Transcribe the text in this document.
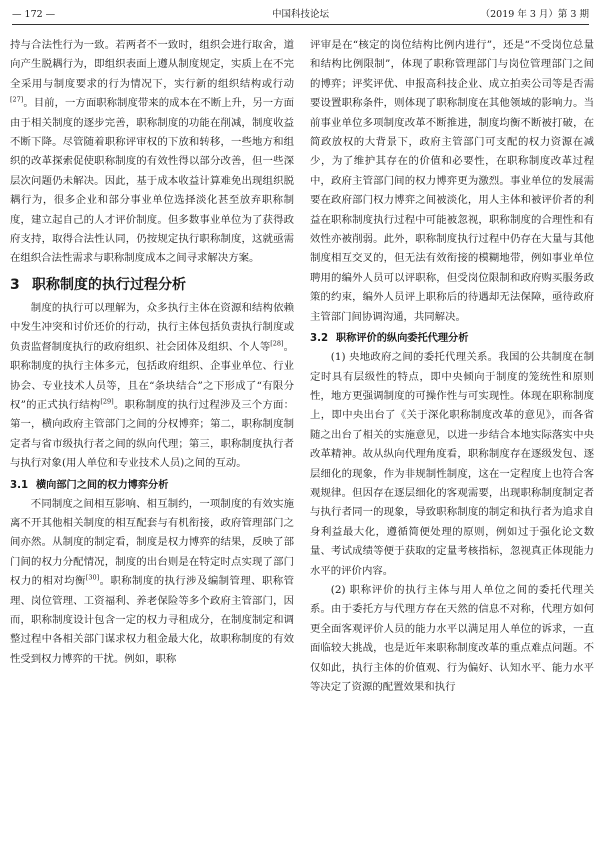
— 172 —	中国科技论坛	（2019 年 3 月）第 3 期

持与合法性行为一致。若两者不一致时，组织会进行取舍，道向产生脱耦行为，即组织表面上遵从制度规定，实质上在不完全采用与制度要求的行为情况下，实行新的组织结构或行动[27]。目前，一方面职称制度带来的成本在不断上升，另一方面由于相关制度的逐步完善，职称制度的功能在削减，制度收益不断下降。尽管随着职称评审权的下放和转移，一些地方和组织的改革探索促使职称制度的有效性得以部分改善，但一些深层次问题仍未解决。因此，基于成本收益计算难免出现组织脱耦行为，很多企业和部分事业单位选择淡化甚至放弃职称制度，建立起自己的人才评价制度。但多数事业单位为了获得政府支持，取得合法性认同，仍按规定执行职称制度，这就亟需在组织合法性需求与职称制度成本之间寻求解决方案。

3 职称制度的执行过程分析

制度的执行可以理解为，众多执行主体在资源和结构依赖中发生冲突和讨价还价的行动，执行主体包括负责执行制度或负责监督制度执行的政府组织、社会团体及组织、个人等[28]。职称制度的执行主体多元，包括政府组织、企事业单位、行业协会、专业技术人员等，且在“条块结合”之下形成了“有限分权”的正式执行结构[29]。职称制度的执行过程涉及三个方面：第一，横向政府主管部门之间的分权博弈；第二，职称制度制定者与省市级执行者之间的纵向代理；第三，职称制度执行者与执行对象(用人单位和专业技术人员)之间的互动。

3.1 横向部门之间的权力博弈分析

不同制度之间相互影响、相互制约，一项制度的有效实施离不开其他相关制度的相互配套与有机衔接，政府管理部门之间亦然。从制度的制定看，制度是权力博弈的结果，反映了部门间的权力分配情况，制度的出台则是在特定时点实现了部门权力的相对均衡[30]。职称制度的执行涉及编制管理、职称管理、岗位管理、工资福利、养老保险等多个政府主管部门，因而，职称制度设计包含一定的权力寻租成分，在制度制定和调整过程中各相关部门谋求权力租金最大化，故职称制度的有效性受到权力博弈的干扰。例如，职称

评审是在“核定的岗位结构比例内进行”，还是“不受岗位总量和结构比例限制”，体现了职称管理部门与岗位管理部门之间的博弈；评奖评优、申报高科技企业、成立拍卖公司等是否需要设置职称条件，则体现了职称制度在其他领域的影响力。当前事业单位多项制度改革不断推进，制度均衡不断被打破，在简政放权的大背景下，政府主管部门可支配的权力资源在减少，为了维护其存在的价值和必要性，在职称制度改革过程中，政府主管部门间的权力博弈更为激烈。事业单位的发展需要在政府部门权力博弈之间被淡化，用人主体和被评价者的利益在职称制度执行过程中可能被忽视，职称制度的合理性和有效性亦被削弱。此外，职称制度执行过程中仍存在大量与其他制度相互交叉的，但无法有效衔接的模糊地带，例如事业单位聘用的编外人员可以评职称，但受岗位限制和政府购买服务政策的约束，编外人员评上职称后的待遇却无法保障，亟待政府主管部门间协调沟通，共同解决。

3.2 职称评价的纵向委托代理分析

(1) 央地政府之间的委托代理关系。我国的公共制度在制定时具有层级性的特点，即中央倾向于制度的笼统性和原则性，地方更强调制度的可操作性与可实现性。体现在职称制度上，即中央出台了《关于深化职称制度改革的意见》，而各省随之出台了相关的实施意见，以进一步结合本地实际落实中央改革精神。故从纵向代理角度看，职称制度存在逐级发包、逐层细化的现象，作为非规制性制度，这在一定程度上也符合客观规律。但因存在逐层细化的客观需要，出现职称制度制定者与执行者同一的现象，导致职称制度的制定和执行者为追求自身利益最大化，遵循简便处理的原则，例如过于强化论文数量、考试成绩等便于获取的定量考核指标，忽视真正体现能力水平的评价内容。

(2) 职称评价的执行主体与用人单位之间的委托代理关系。由于委托方与代理方存在天然的信息不对称，代理方如何更全面客观评价人员的能力水平以满足用人单位的诉求，一直面临较大挑战，也是近年来职称制度改革的重点难点问题。不仅如此，执行主体的价值观、行为偏好、认知水平、能力水平等决定了资源的配置效果和执行
